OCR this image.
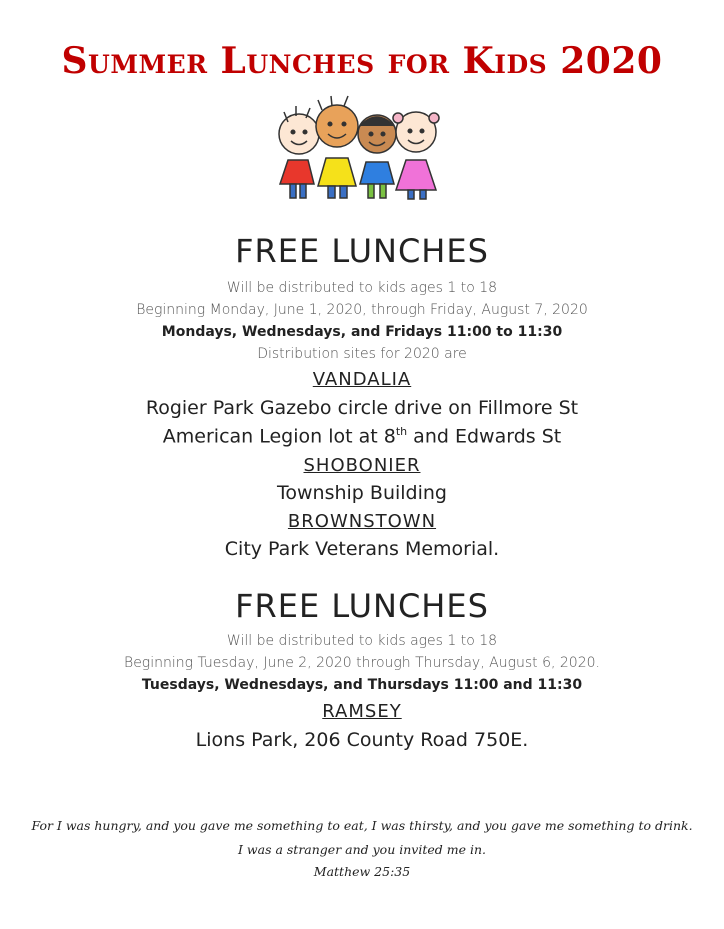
Summer Lunches for Kids 2020
FREE LUNCHES
Will be distributed to kids ages 1 to 18
Beginning Monday, June 1, 2020, through Friday, August 7, 2020
Mondays, Wednesdays, and Fridays 11:00 to 11:30
Distribution sites for 2020 are
VANDALIA
Rogier Park Gazebo circle drive on Fillmore St
American Legion lot at 8th and Edwards St
SHOBONIER
Township Building
BROWNSTOWN
City Park Veterans Memorial.
FREE LUNCHES
Will be distributed to kids ages 1 to 18
Beginning Tuesday, June 2, 2020 through Thursday, August 6, 2020.
Tuesdays, Wednesdays, and Thursdays 11:00 and 11:30
RAMSEY
Lions Park, 206 County Road 750E.
For I was hungry, and you gave me something to eat, I was thirsty, and you gave me something to drink.
I was a stranger and you invited me in.
Matthew 25:35
